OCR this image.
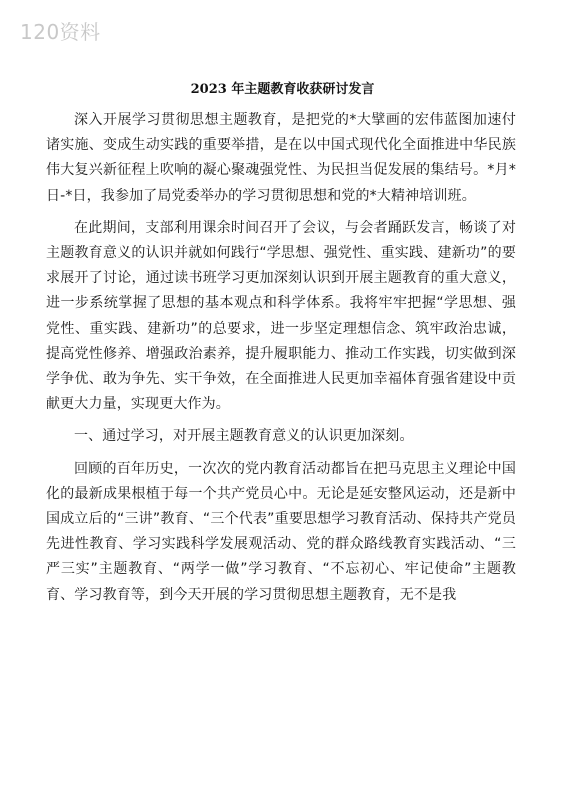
120资料
2023 年主题教育收获研讨发言

深入开展学习贯彻思想主题教育，是把党的*大擘画的宏伟蓝图加速付诸实施、变成生动实践的重要举措，是在以中国式现代化全面推进中华民族伟大复兴新征程上吹响的凝心聚魂强党性、为民担当促发展的集结号。*月*日-*日，我参加了局党委举办的学习贯彻思想和党的*大精神培训班。

在此期间，支部利用课余时间召开了会议，与会者踊跃发言，畅谈了对主题教育意义的认识并就如何践行“学思想、强党性、重实践、建新功”的要求展开了讨论，通过读书班学习更加深刻认识到开展主题教育的重大意义，进一步系统掌握了思想的基本观点和科学体系。我将牢牢把握“学思想、强党性、重实践、建新功”的总要求，进一步坚定理想信念、筑牢政治忠诚，提高党性修养、增强政治素养，提升履职能力、推动工作实践，切实做到深学争优、敢为争先、实干争效，在全面推进人民更加幸福体育强省建设中贡献更大力量，实现更大作为。

一、通过学习，对开展主题教育意义的认识更加深刻。

回顾的百年历史，一次次的党内教育活动都旨在把马克思主义理论中国化的最新成果根植于每一个共产党员心中。无论是延安整风运动，还是新中国成立后的“三讲”教育、“三个代表”重要思想学习教育活动、保持共产党员先进性教育、学习实践科学发展观活动、党的群众路线教育实践活动、“三严三实”主题教育、“两学一做”学习教育、“不忘初心、牢记使命”主题教育、学习教育等，到今天开展的学习贯彻思想主题教育，无不是我
